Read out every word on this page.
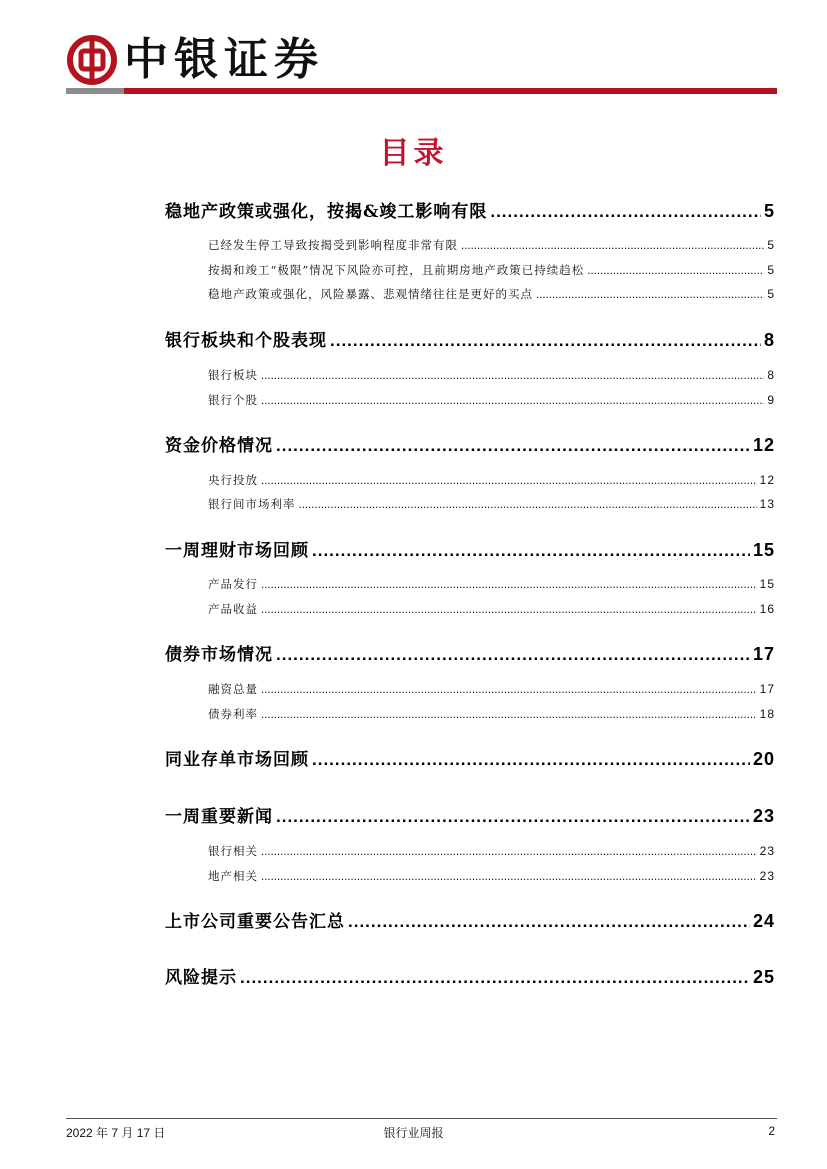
中银证券
目录
稳地产政策或强化，按揭&竣工影响有限 .....	5
已经发生停工导致按揭受到影响程度非常有限 .....	5
按揭和竣工“极限”情况下风险亦可控，且前期房地产政策已持续趋松 .....	5
稳地产政策或强化，风险暴露、悲观情绪往往是更好的买点 .....	5
银行板块和个股表现 .....	8
银行板块 .....	8
银行个股 .....	9
资金价格情况 .....	12
央行投放 .....	12
银行间市场利率 .....	13
一周理财市场回顾 .....	15
产品发行 .....	15
产品收益 .....	16
债券市场情况 .....	17
融资总量 .....	17
债券利率 .....	18
同业存单市场回顾 .....	20
一周重要新闻 .....	23
银行相关 .....	23
地产相关 .....	23
上市公司重要公告汇总 .....	24
风险提示 .....	25
2022 年 7 月 17 日	银行业周报	2
